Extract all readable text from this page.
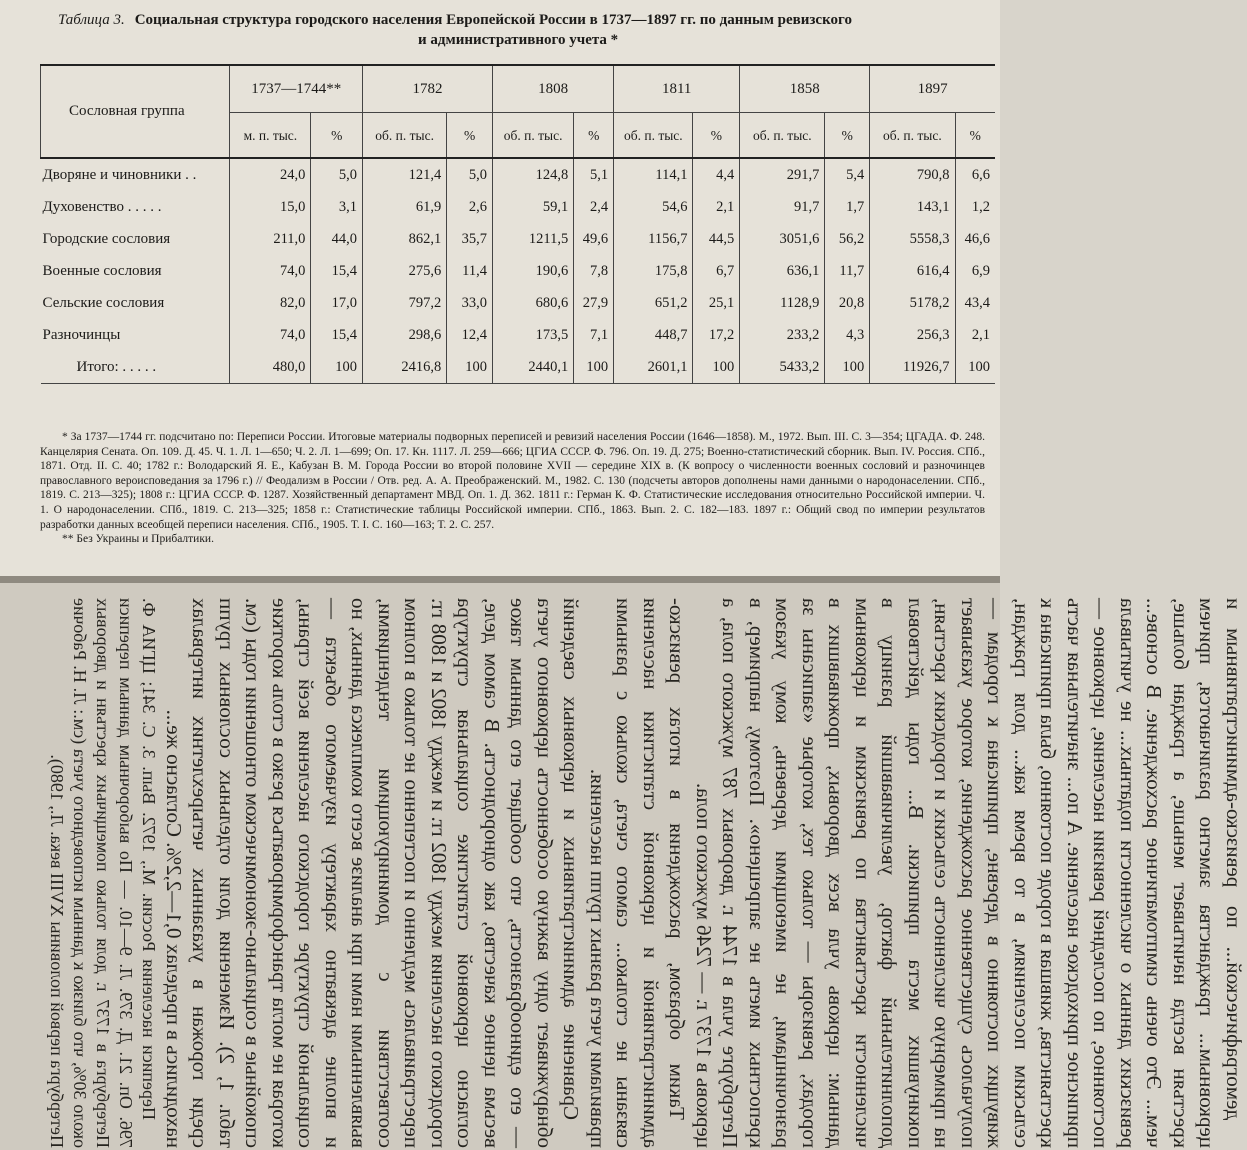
Таблица 3. Социальная структура городского населения Европейской России в 1737—1897 гг. по данным ревизского
и административного учета *
Сословная группа	1737—1744**		1782		1808		1811		1858		1897	
	м. п. тыс.	%	об. п. тыс.	%	об. п. тыс.	%	об. п. тыс.	%	об. п. тыс.	%	об. п. тыс.	%
Дворяне и чиновники . .	24,0	5,0	121,4	5,0	124,8	5,1	114,1	4,4	291,7	5,4	790,8	6,6
Духовенство . . . . .	15,0	3,1	61,9	2,6	59,1	2,4	54,6	2,1	91,7	1,7	143,1	1,2
Городские сословия	211,0	44,0	862,1	35,7	1211,5	49,6	1156,7	44,5	3051,6	56,2	5558,3	46,6
Военные сословия	74,0	15,4	275,6	11,4	190,6	7,8	175,8	6,7	636,1	11,7	616,4	6,9
Сельские сословия	82,0	17,0	797,2	33,0	680,6	27,9	651,2	25,1	1128,9	20,8	5178,2	43,4
Разночинцы	74,0	15,4	298,6	12,4	173,5	7,1	448,7	17,2	233,2	4,3	256,3	2,1
Итого: . . . . .	480,0	100	2416,8	100	2440,1	100	2601,1	100	5433,2	100	11926,7	100

* За 1737—1744 гг. подсчитано по: Переписи России. Итоговые материалы подворных переписей и ревизий населения России (1646—1858). М., 1972. Вып. III. С. 3—354; ЦГАДА. Ф. 248. Канцелярия Сената. Оп. 109. Д. 45. Ч. 1. Л. 1—650; Ч. 2. Л. 1—699; Оп. 17. Кн. 1117. Л. 259—666; ЦГИА СССР. Ф. 796. Оп. 19. Д. 275; Военно-статистический сборник. Вып. IV. Россия. СПб., 1871. Отд. II. С. 40; 1782 г.: Володарский Я. Е., Кабузан В. М. Города России во второй половине XVII — середине XIX в. (К вопросу о численности военных сословий и разночинцев православного вероисповедания за 1796 г.) // Феодализм в России / Отв. ред. А. А. Преображенский. М., 1982. С. 130 (подсчеты авторов дополнены нами данными о народонаселении. СПб., 1819. С. 213—325); 1808 г.: ЦГИА СССР. Ф. 1287. Хозяйственный департамент МВД. Оп. 1. Д. 362. 1811 г.: Герман К. Ф. Статистические исследования относительно Российской империи. Ч. 1. О народонаселении. СПб., 1819. С. 213—325; 1858 г.: Статистические таблицы Российской империи. СПб., 1863. Вып. 2. С. 182—183. 1897 г.: Общий свод по империи результатов разработки данных всеобщей переписи населения. СПб., 1905. Т. I. С. 160—163; Т. 2. С. 257.

** Без Украины и Прибалтики.

демографической... по ревизско-административным и церковным... гражданства заметно различаются, причем крестьян всегда начитывает меньше, а граждан больше, чем... Это очень симптоматичное расхождение. В основе... ревизских данных о численности податных... не учитывала постоянное, по последней ревизии население, церковное — приписное приходское население. А по... значительная часть крестьянства, жившая в городе постоянно, была приписана к сельским поселениям, в то время как... доля граждан, живущих постоянно в деревне, приписана к городам — получалось существенное расхождение, которое указывает на примерную численность сельских и городских крестьян, покинувших места приписки. В... годы действовал дополнительный фактор, увеличивавший разницу в численности крестьянства по ревизским и церковным данным: церковь учла всех дворовых, проживавших в городах, ревизоры — только тех, которые «записаны за разночинцами, не имеющими деревень, кому указом крепостных иметь не запрещено». Поэтому, например, в Петербурге учла в 1744 г. дворовых 787 мужского пола, а церковь в 1737 г. — 7246 мужского пола.

Таким образом, расхождения в итогах ревизско-административной и церковной статистики населения связаны не столько... самого счета, сколько с разными правилами учета разных групп населения.

Сравнение административных и церковных сведений обнаруживает одну важную особенность церковного учета — его единообразность, что сообщает его данным такое весьма ценное качество, как однородность. В самом деле, согласно церковной статистике социальная структура городского населения между 1802 гг. и между 1802 и 1808 гг. перестраивалась медленно и постепенно не только в полном соответствии с доминирующими тенденциями, выявленными нами при анализе всего комплекса данных, но и вполне адекватно характеру изучаемого объекта — социальной структуре городского населения всей страны, которая не могла трансформироваться резко в столь короткие спокойные в социально-экономическом отношении годы (см. табл. 1, 2). Изменения доли отдельных сословных групп среди горожан в указанных четырехлетних интервалах находились в пределах 0,1—2,2%. Согласно же...

Переписи населения России. М., 1972. Вып. 3. С. 341; ЦГИА Ф. 796. Оп. 21. Д. 379. Л. 9—10. — По выборочным данным переписи Петербурга в 1737 г. доля только помещичьих крестьян и дворовых около 30%, что близко к данным исповедного учета (см.: Л. Н. Рабочие Петербурга первой половины XVIII века. Л., 1980).
